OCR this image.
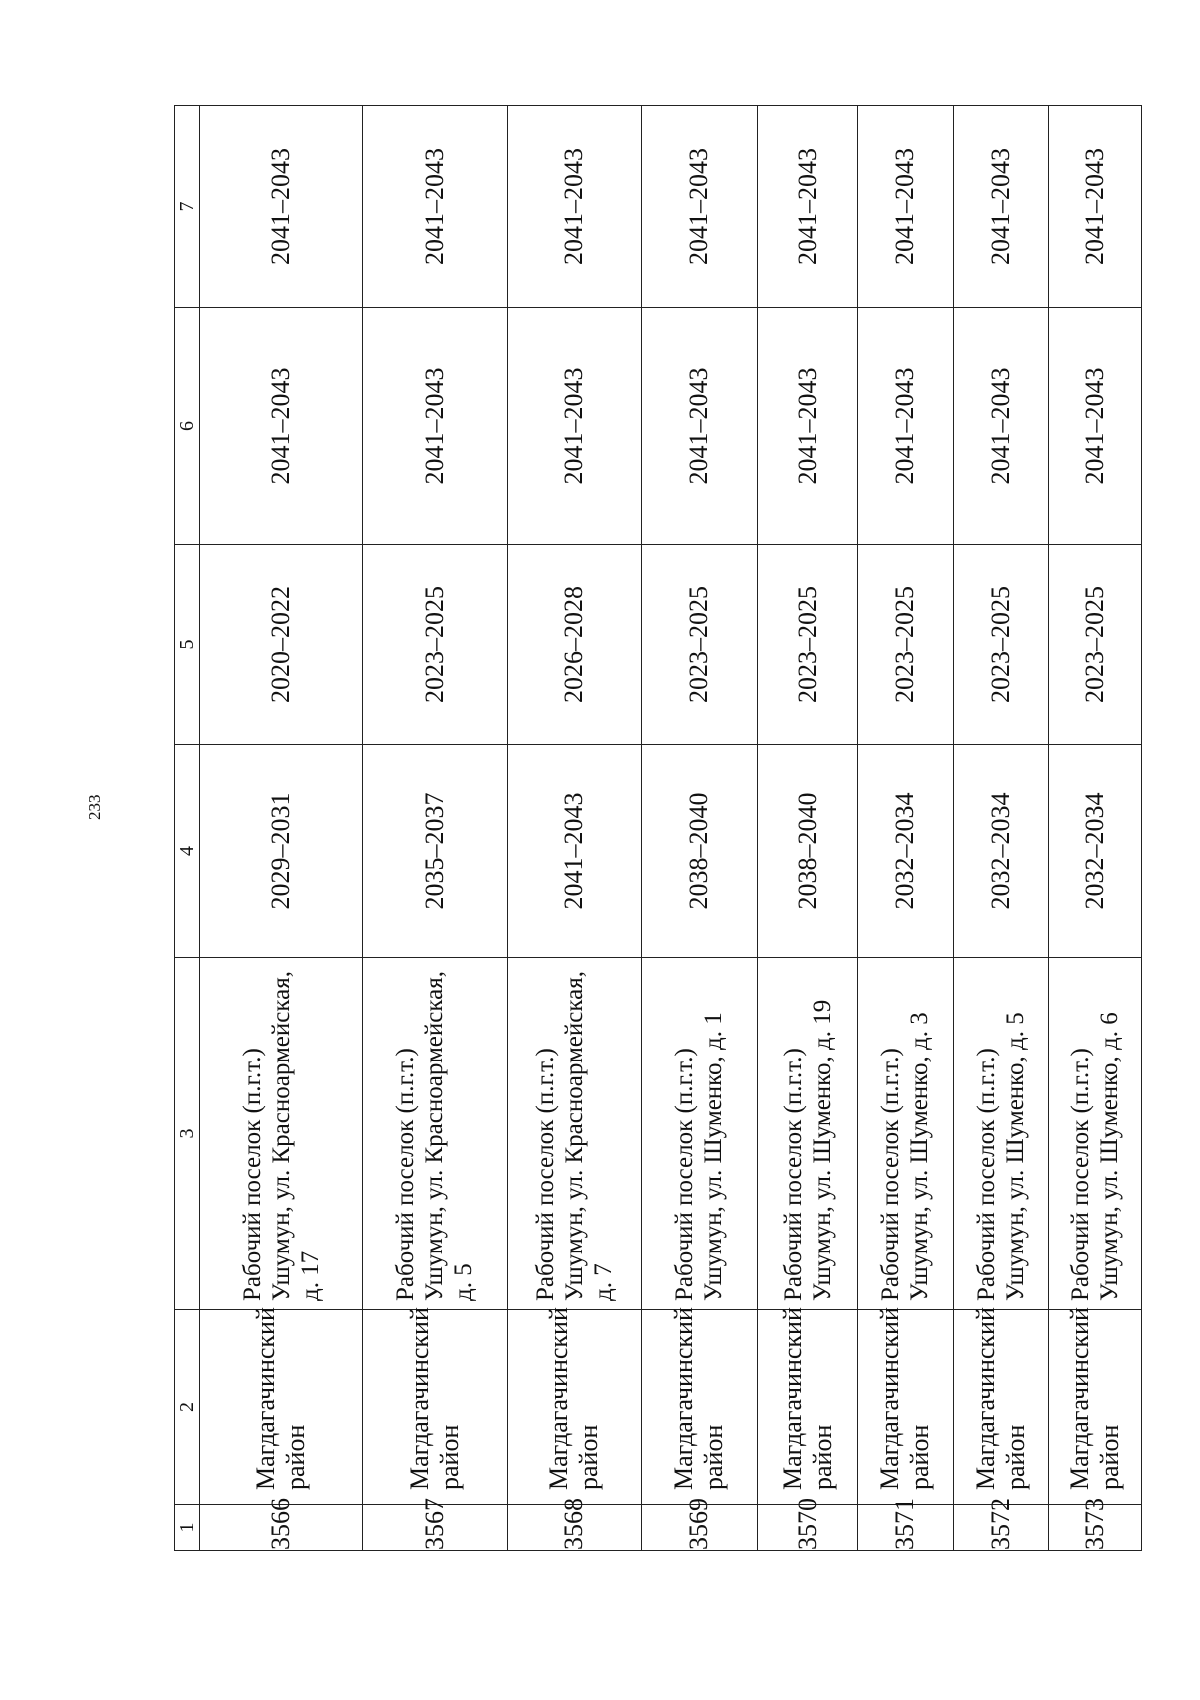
233
1	2	3	4	5	6	7
3566	Магдагачинский район	Рабочий поселок (п.г.т.) Ушумун, ул. Красноармейская, д. 17	2029–2031	2020–2022	2041–2043	2041–2043
3567	Магдагачинский район	Рабочий поселок (п.г.т.) Ушумун, ул. Красноармейская, д. 5	2035–2037	2023–2025	2041–2043	2041–2043
3568	Магдагачинский район	Рабочий поселок (п.г.т.) Ушумун, ул. Красноармейская, д. 7	2041–2043	2026–2028	2041–2043	2041–2043
3569	Магдагачинский район	Рабочий поселок (п.г.т.) Ушумун, ул. Шуменко, д. 1	2038–2040	2023–2025	2041–2043	2041–2043
3570	Магдагачинский район	Рабочий поселок (п.г.т.) Ушумун, ул. Шуменко, д. 19	2038–2040	2023–2025	2041–2043	2041–2043
3571	Магдагачинский район	Рабочий поселок (п.г.т.) Ушумун, ул. Шуменко, д. 3	2032–2034	2023–2025	2041–2043	2041–2043
3572	Магдагачинский район	Рабочий поселок (п.г.т.) Ушумун, ул. Шуменко, д. 5	2032–2034	2023–2025	2041–2043	2041–2043
3573	Магдагачинский район	Рабочий поселок (п.г.т.) Ушумун, ул. Шуменко, д. 6	2032–2034	2023–2025	2041–2043	2041–2043
